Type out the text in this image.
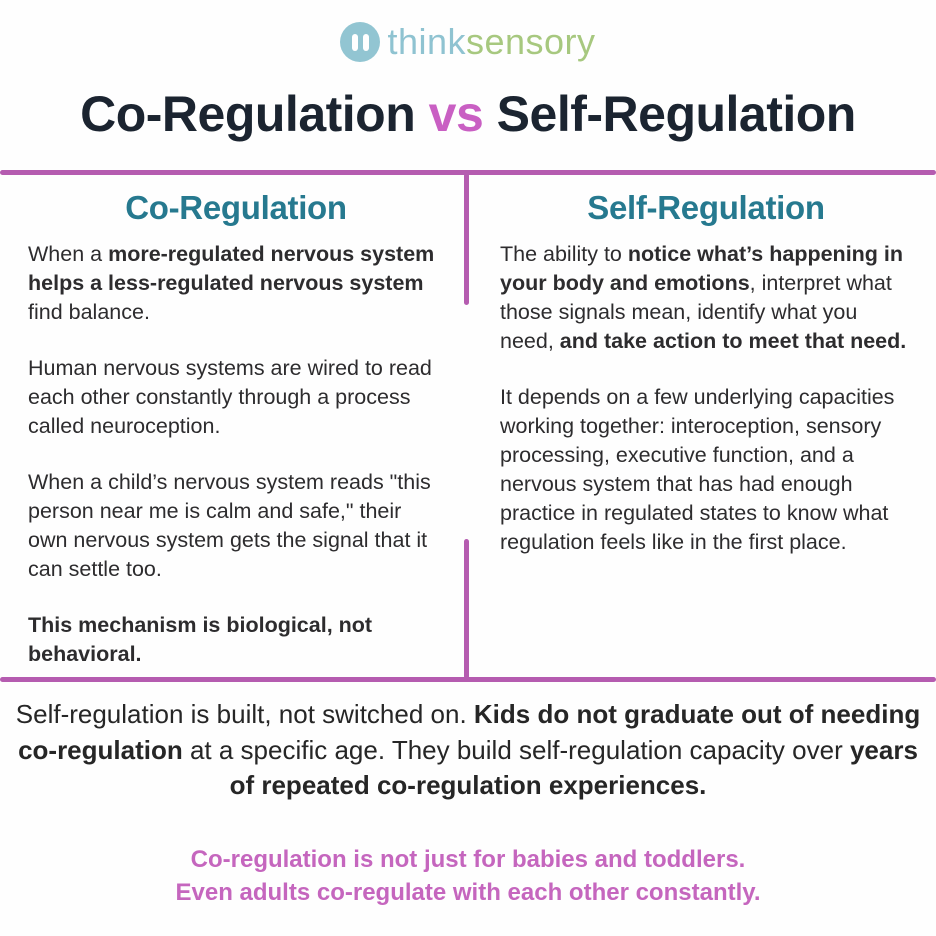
thinksensory
Co-Regulation vs Self-Regulation
Co-Regulation

When a more-regulated nervous system helps a less-regulated nervous system find balance.

Human nervous systems are wired to read each other constantly through a process called neuroception.

When a child’s nervous system reads "this person near me is calm and safe," their own nervous system gets the signal that it can settle too.

This mechanism is biological, not behavioral.

Self-Regulation

The ability to notice what’s happening in your body and emotions, interpret what those signals mean, identify what you need, and take action to meet that need.

It depends on a few underlying capacities working together: interoception, sensory processing, executive function, and a nervous system that has had enough practice in regulated states to know what regulation feels like in the first place.

Self-regulation is built, not switched on. Kids do not graduate out of needing co-regulation at a specific age. They build self-regulation capacity over years of repeated co-regulation experiences.

Co-regulation is not just for babies and toddlers.
Even adults co-regulate with each other constantly.
